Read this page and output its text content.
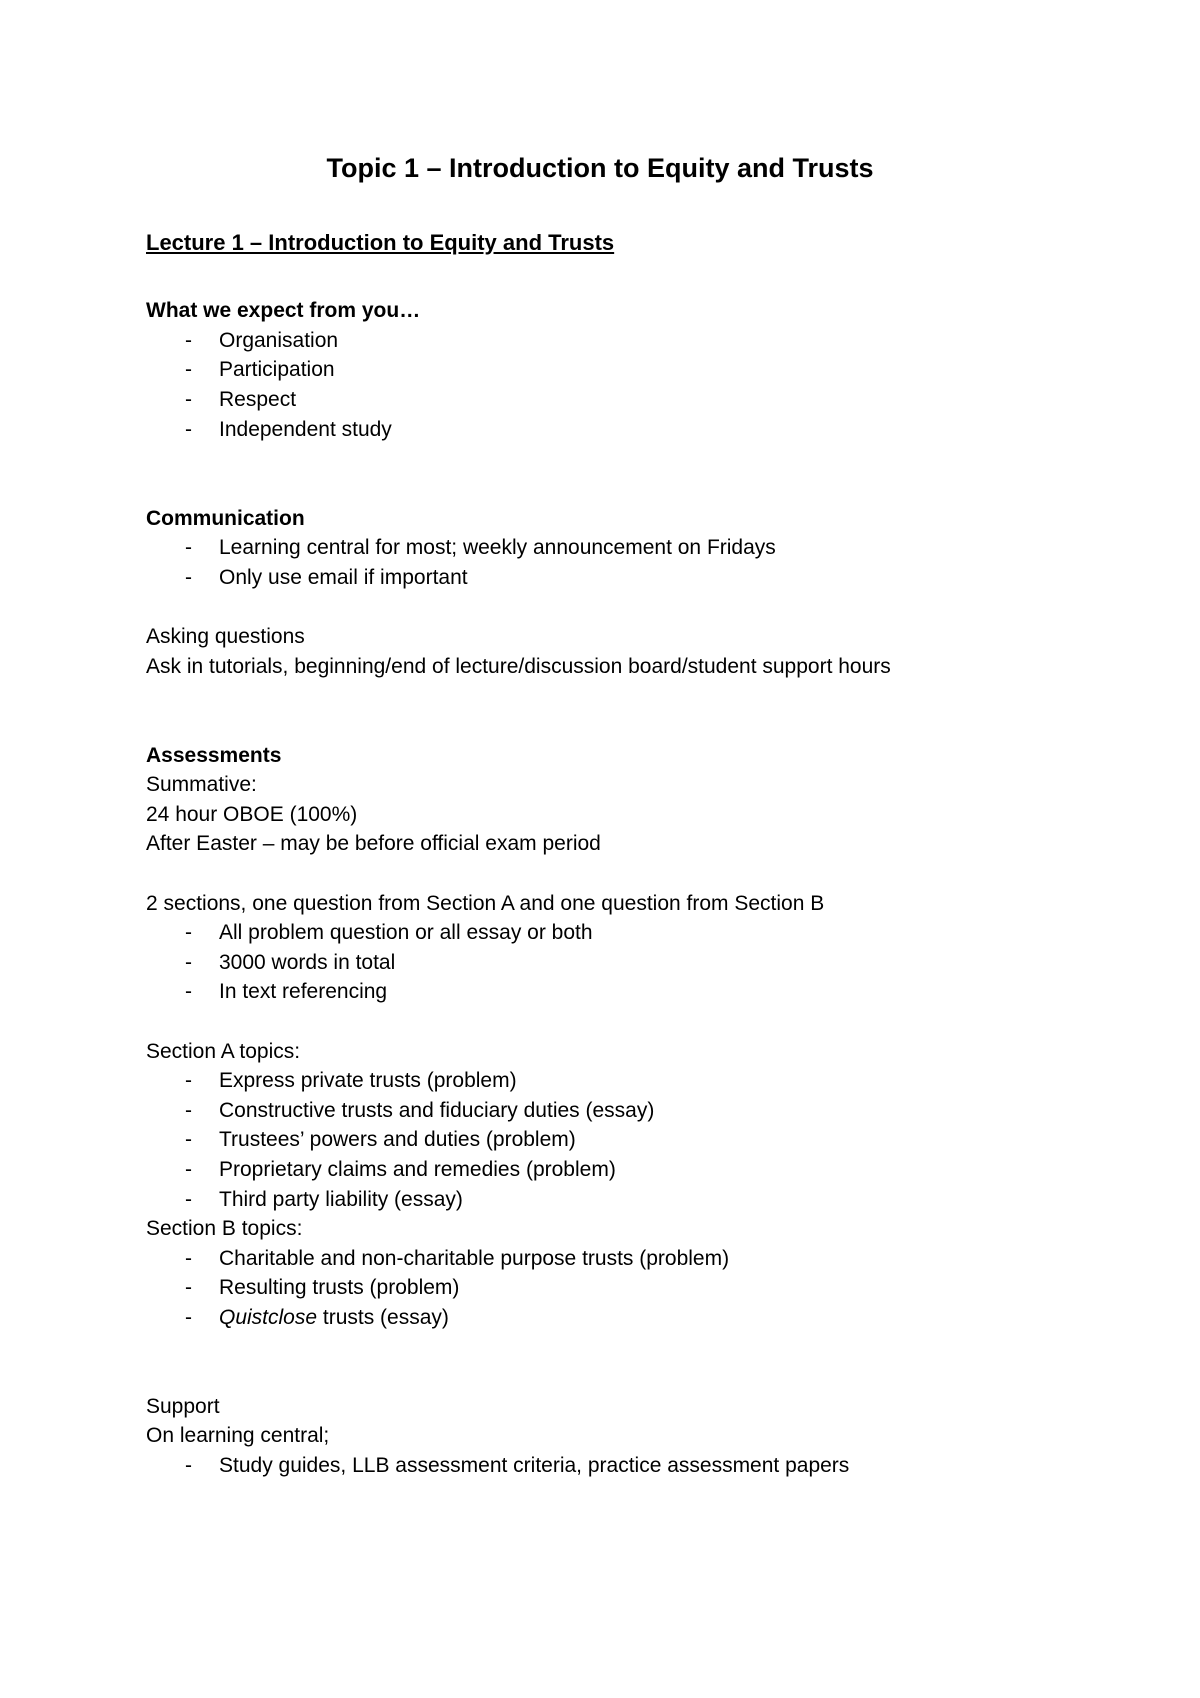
Topic 1 – Introduction to Equity and Trusts
Lecture 1 – Introduction to Equity and Trusts
What we expect from you…
- Organisation
- Participation
- Respect
- Independent study
Communication
- Learning central for most; weekly announcement on Fridays
- Only use email if important
Asking questions
Ask in tutorials, beginning/end of lecture/discussion board/student support hours
Assessments
Summative:
24 hour OBOE (100%)
After Easter – may be before official exam period
2 sections, one question from Section A and one question from Section B
- All problem question or all essay or both
- 3000 words in total
- In text referencing
Section A topics:
- Express private trusts (problem)
- Constructive trusts and fiduciary duties (essay)
- Trustees’ powers and duties (problem)
- Proprietary claims and remedies (problem)
- Third party liability (essay)
Section B topics:
- Charitable and non-charitable purpose trusts (problem)
- Resulting trusts (problem)
- Quistclose trusts (essay)
Support
On learning central;
- Study guides, LLB assessment criteria, practice assessment papers
